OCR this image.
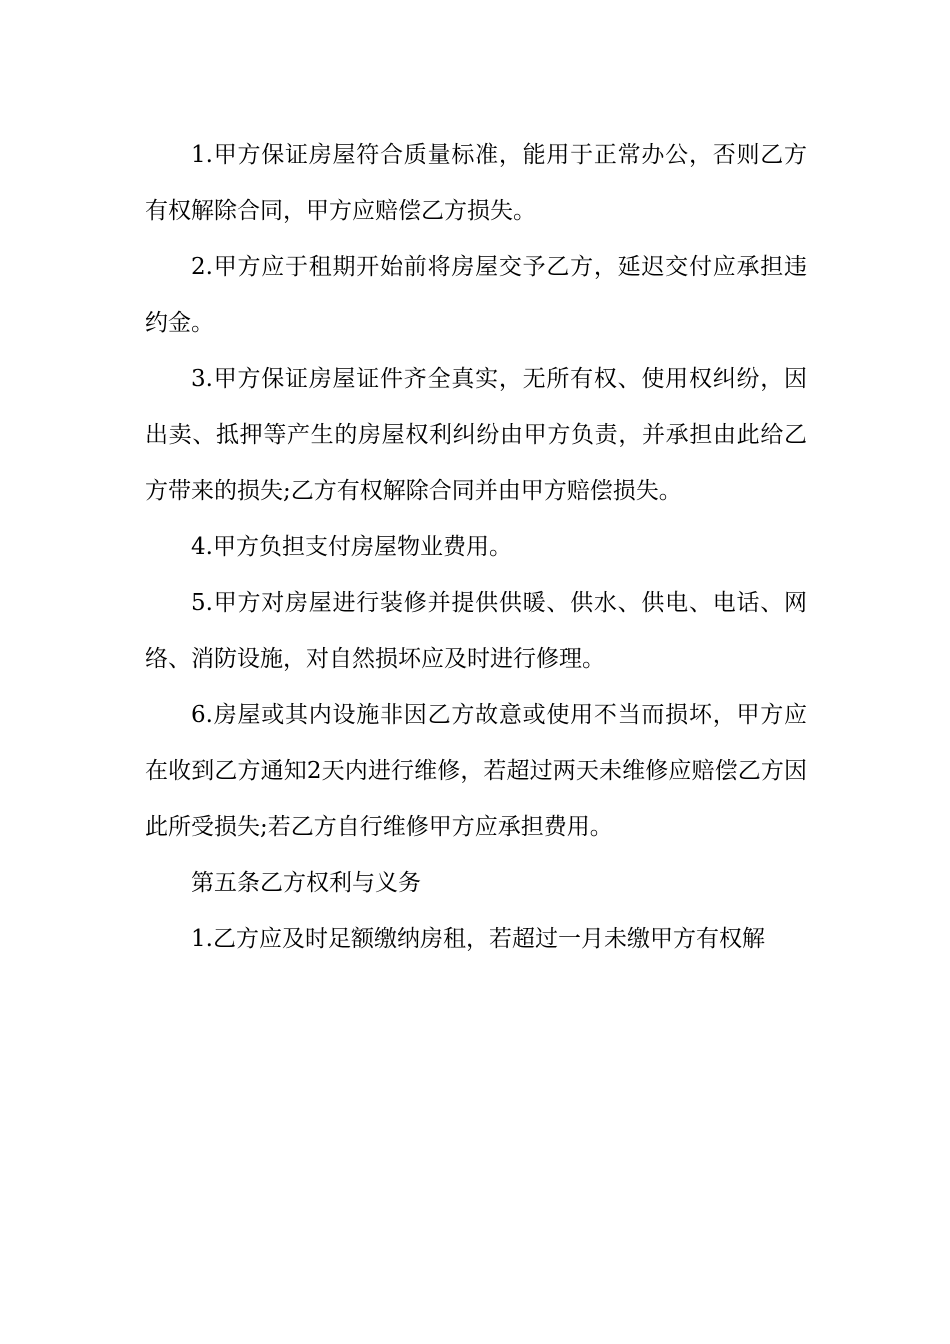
1.甲方保证房屋符合质量标准，能用于正常办公，否则乙方有权解除合同，甲方应赔偿乙方损失。

2.甲方应于租期开始前将房屋交予乙方，延迟交付应承担违约金。

3.甲方保证房屋证件齐全真实，无所有权、使用权纠纷，因出卖、抵押等产生的房屋权利纠纷由甲方负责，并承担由此给乙方带来的损失;乙方有权解除合同并由甲方赔偿损失。

4.甲方负担支付房屋物业费用。

5.甲方对房屋进行装修并提供供暖、供水、供电、电话、网络、消防设施，对自然损坏应及时进行修理。

6.房屋或其内设施非因乙方故意或使用不当而损坏，甲方应在收到乙方通知2天内进行维修，若超过两天未维修应赔偿乙方因此所受损失;若乙方自行维修甲方应承担费用。

第五条乙方权利与义务

1.乙方应及时足额缴纳房租，若超过一月未缴甲方有权解
